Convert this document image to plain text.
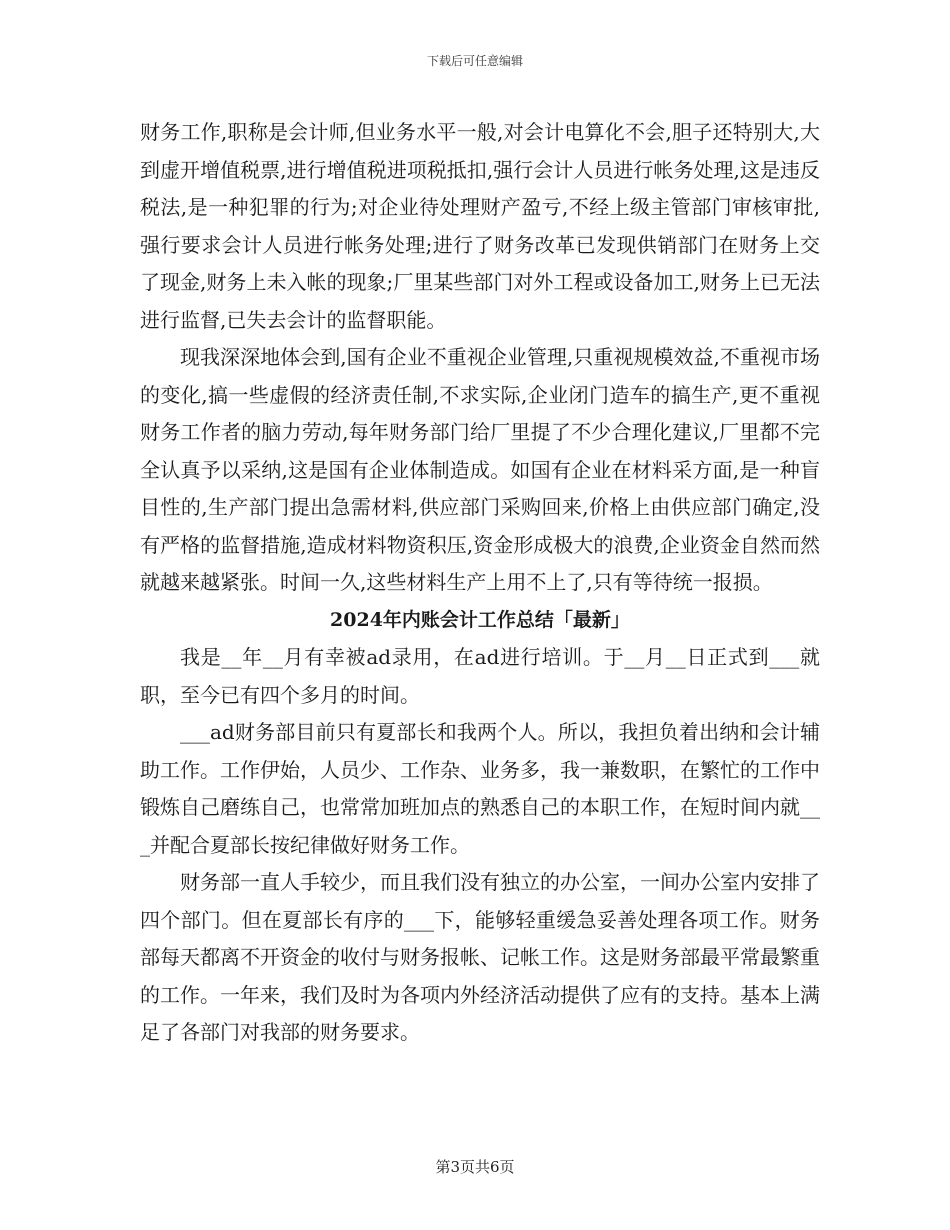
下载后可任意编辑

财务工作,职称是会计师,但业务水平一般,对会计电算化不会,胆子还特别大,大到虚开增值税票,进行增值税进项税抵扣,强行会计人员进行帐务处理,这是违反税法,是一种犯罪的行为;对企业待处理财产盈亏,不经上级主管部门审核审批,强行要求会计人员进行帐务处理;进行了财务改革已发现供销部门在财务上交了现金,财务上未入帐的现象;厂里某些部门对外工程或设备加工,财务上已无法进行监督,已失去会计的监督职能。

现我深深地体会到,国有企业不重视企业管理,只重视规模效益,不重视市场的变化,搞一些虚假的经济责任制,不求实际,企业闭门造车的搞生产,更不重视财务工作者的脑力劳动,每年财务部门给厂里提了不少合理化建议,厂里都不完全认真予以采纳,这是国有企业体制造成。如国有企业在材料采方面,是一种盲目性的,生产部门提出急需材料,供应部门采购回来,价格上由供应部门确定,没有严格的监督措施,造成材料物资积压,资金形成极大的浪费,企业资金自然而然就越来越紧张。时间一久,这些材料生产上用不上了,只有等待统一报损。

2024年内账会计工作总结「最新」

我是__年__月有幸被ad录用，在ad进行培训。于__月__日正式到___就职，至今已有四个多月的时间。

___ad财务部目前只有夏部长和我两个人。所以，我担负着出纳和会计辅助工作。工作伊始，人员少、工作杂、业务多，我一兼数职，在繁忙的工作中锻炼自己磨练自己，也常常加班加点的熟悉自己的本职工作，在短时间内就___并配合夏部长按纪律做好财务工作。

财务部一直人手较少，而且我们没有独立的办公室，一间办公室内安排了四个部门。但在夏部长有序的___下，能够轻重缓急妥善处理各项工作。财务部每天都离不开资金的收付与财务报帐、记帐工作。这是财务部最平常最繁重的工作。一年来，我们及时为各项内外经济活动提供了应有的支持。基本上满足了各部门对我部的财务要求。

第3页共6页
